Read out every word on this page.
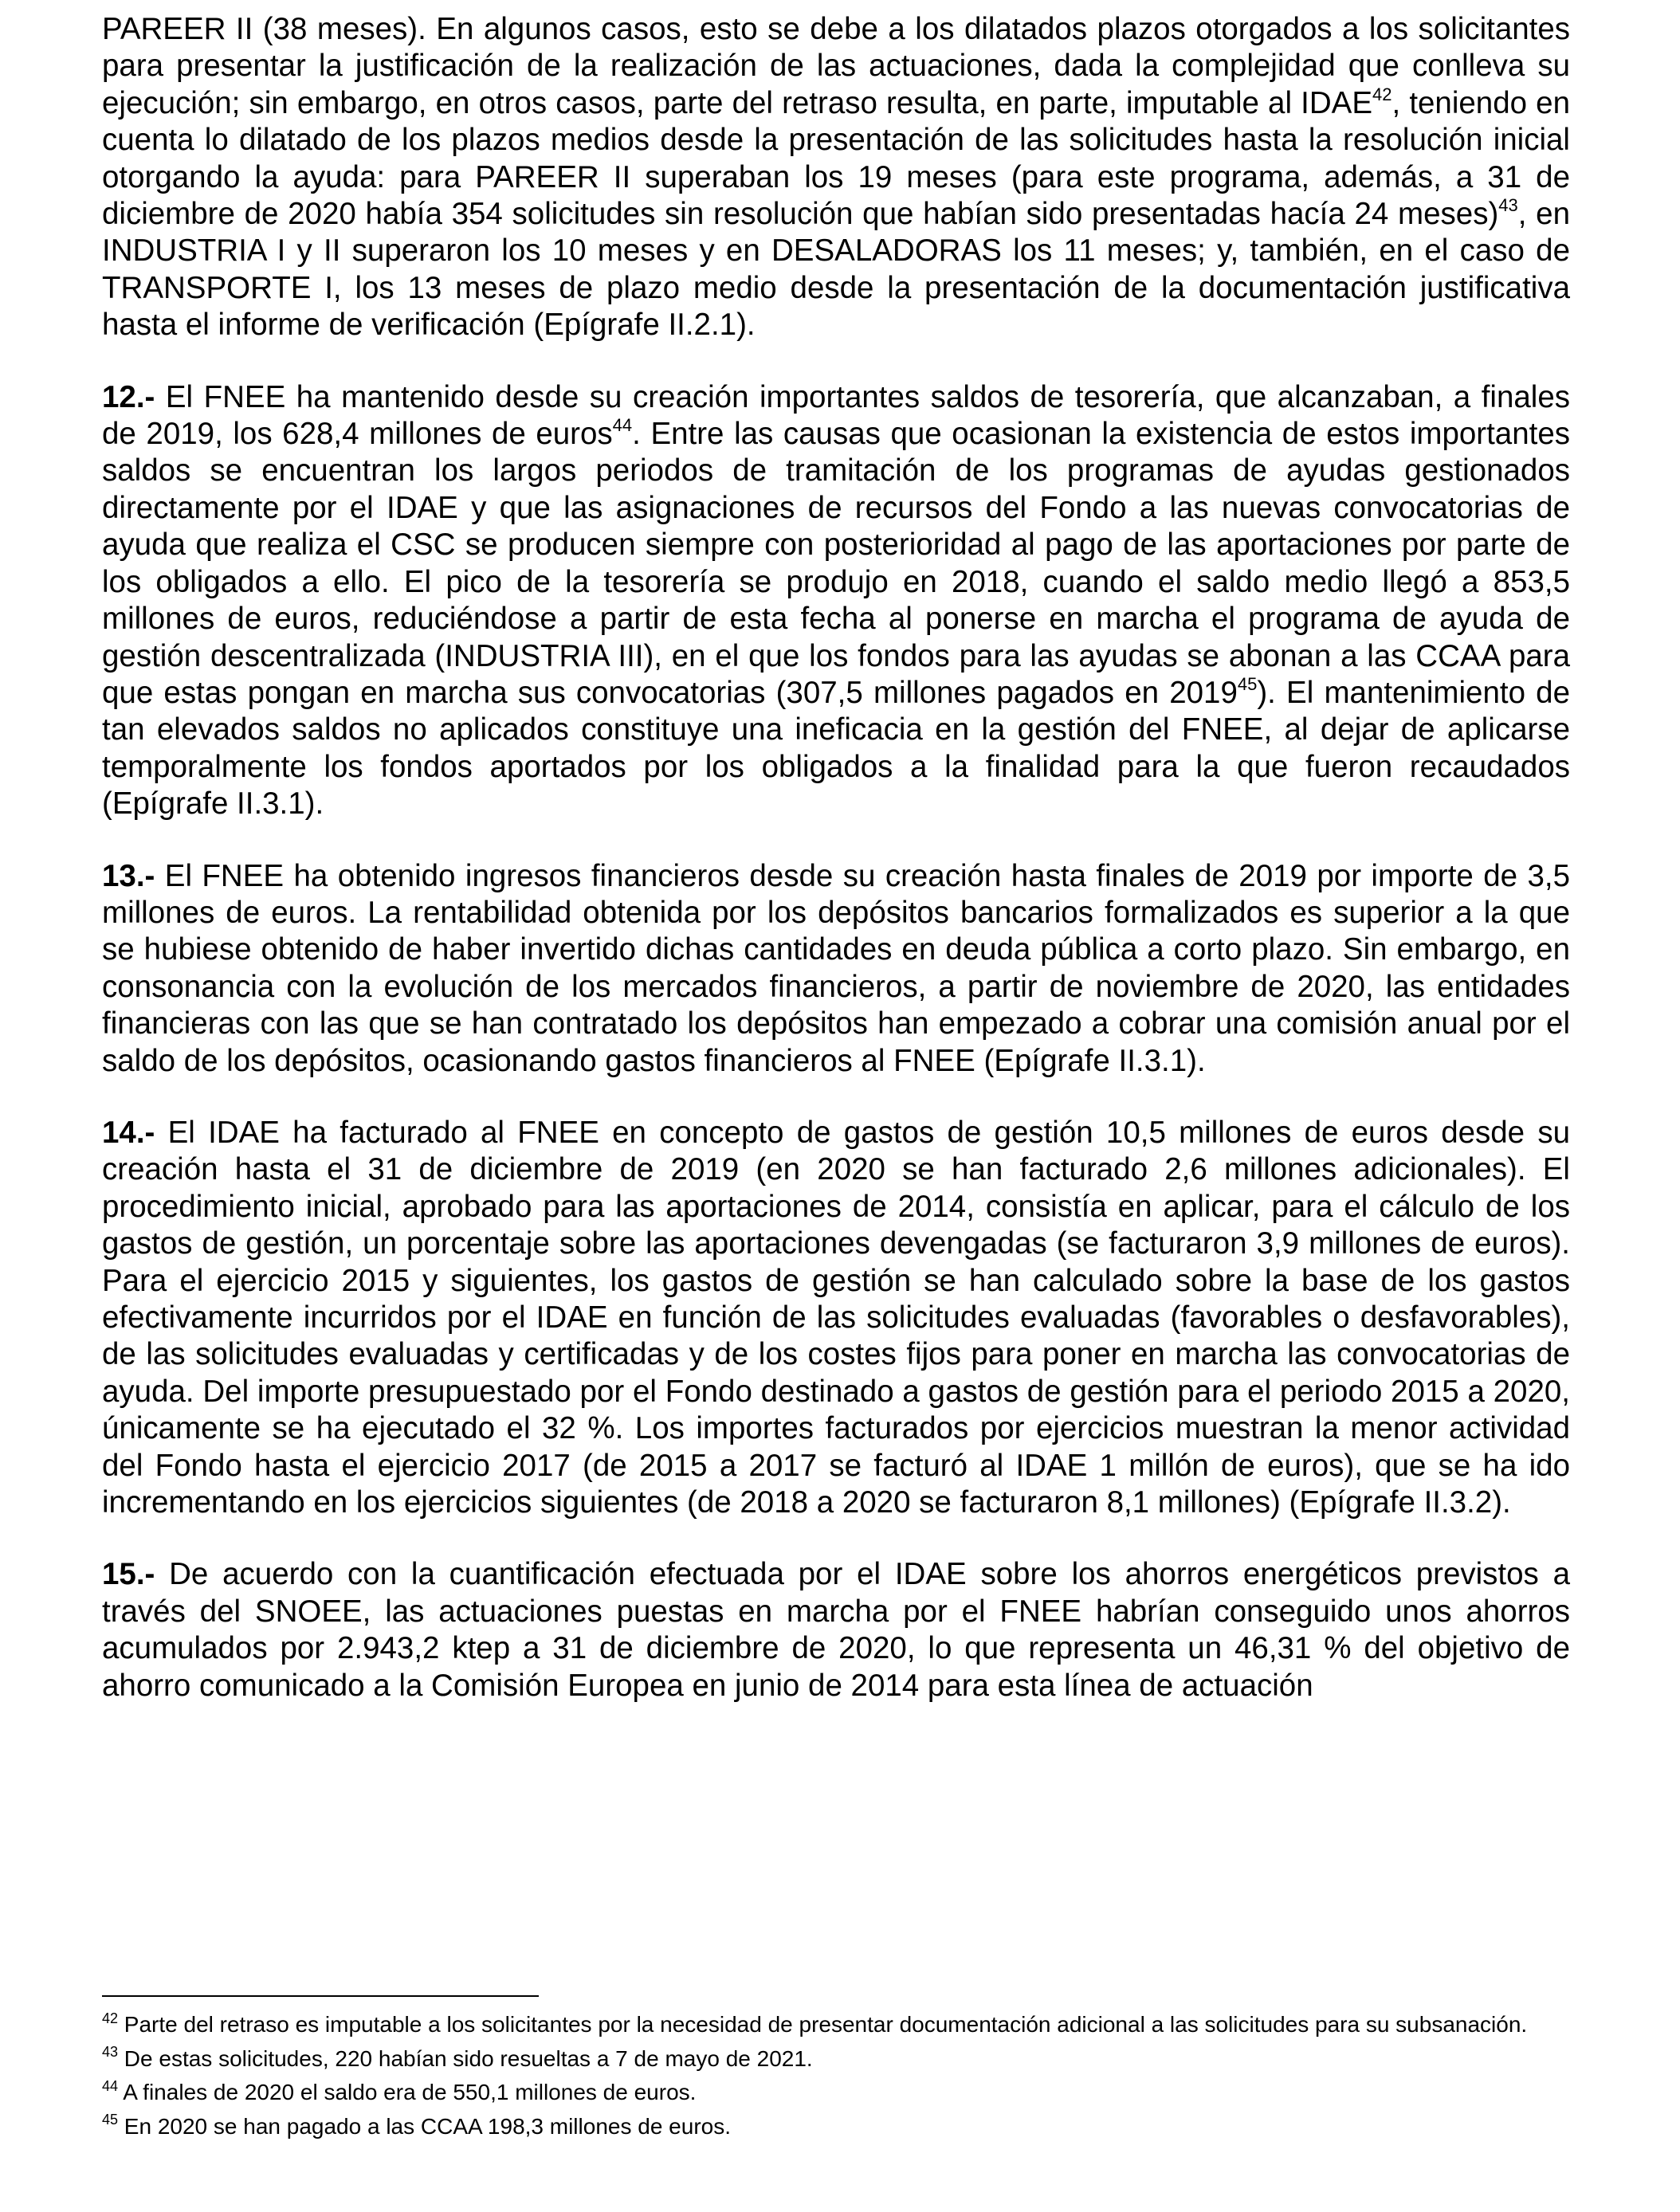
PAREER II (38 meses). En algunos casos, esto se debe a los dilatados plazos otorgados a los solicitantes para presentar la justificación de la realización de las actuaciones, dada la complejidad que conlleva su ejecución; sin embargo, en otros casos, parte del retraso resulta, en parte, imputable al IDAE$^{42}$, teniendo en cuenta lo dilatado de los plazos medios desde la presentación de las solicitudes hasta la resolución inicial otorgando la ayuda: para PAREER II superaban los 19 meses (para este programa, además, a 31 de diciembre de 2020 había 354 solicitudes sin resolución que habían sido presentadas hacía 24 meses)$^{43}$, en INDUSTRIA I y II superaron los 10 meses y en DESALADORAS los 11 meses; y, también, en el caso de TRANSPORTE I, los 13 meses de plazo medio desde la presentación de la documentación justificativa hasta el informe de verificación (Epígrafe II.2.1).

12.- El FNEE ha mantenido desde su creación importantes saldos de tesorería, que alcanzaban, a finales de 2019, los 628,4 millones de euros$^{44}$. Entre las causas que ocasionan la existencia de estos importantes saldos se encuentran los largos periodos de tramitación de los programas de ayudas gestionados directamente por el IDAE y que las asignaciones de recursos del Fondo a las nuevas convocatorias de ayuda que realiza el CSC se producen siempre con posterioridad al pago de las aportaciones por parte de los obligados a ello. El pico de la tesorería se produjo en 2018, cuando el saldo medio llegó a 853,5 millones de euros, reduciéndose a partir de esta fecha al ponerse en marcha el programa de ayuda de gestión descentralizada (INDUSTRIA III), en el que los fondos para las ayudas se abonan a las CCAA para que estas pongan en marcha sus convocatorias (307,5 millones pagados en 2019$^{45}$). El mantenimiento de tan elevados saldos no aplicados constituye una ineficacia en la gestión del FNEE, al dejar de aplicarse temporalmente los fondos aportados por los obligados a la finalidad para la que fueron recaudados (Epígrafe II.3.1).

13.- El FNEE ha obtenido ingresos financieros desde su creación hasta finales de 2019 por importe de 3,5 millones de euros. La rentabilidad obtenida por los depósitos bancarios formalizados es superior a la que se hubiese obtenido de haber invertido dichas cantidades en deuda pública a corto plazo. Sin embargo, en consonancia con la evolución de los mercados financieros, a partir de noviembre de 2020, las entidades financieras con las que se han contratado los depósitos han empezado a cobrar una comisión anual por el saldo de los depósitos, ocasionando gastos financieros al FNEE (Epígrafe II.3.1).

14.- El IDAE ha facturado al FNEE en concepto de gastos de gestión 10,5 millones de euros desde su creación hasta el 31 de diciembre de 2019 (en 2020 se han facturado 2,6 millones adicionales). El procedimiento inicial, aprobado para las aportaciones de 2014, consistía en aplicar, para el cálculo de los gastos de gestión, un porcentaje sobre las aportaciones devengadas (se facturaron 3,9 millones de euros). Para el ejercicio 2015 y siguientes, los gastos de gestión se han calculado sobre la base de los gastos efectivamente incurridos por el IDAE en función de las solicitudes evaluadas (favorables o desfavorables), de las solicitudes evaluadas y certificadas y de los costes fijos para poner en marcha las convocatorias de ayuda. Del importe presupuestado por el Fondo destinado a gastos de gestión para el periodo 2015 a 2020, únicamente se ha ejecutado el 32 %. Los importes facturados por ejercicios muestran la menor actividad del Fondo hasta el ejercicio 2017 (de 2015 a 2017 se facturó al IDAE 1 millón de euros), que se ha ido incrementando en los ejercicios siguientes (de 2018 a 2020 se facturaron 8,1 millones) (Epígrafe II.3.2).

15.- De acuerdo con la cuantificación efectuada por el IDAE sobre los ahorros energéticos previstos a través del SNOEE, las actuaciones puestas en marcha por el FNEE habrían conseguido unos ahorros acumulados por 2.943,2 ktep a 31 de diciembre de 2020, lo que representa un 46,31 % del objetivo de ahorro comunicado a la Comisión Europea en junio de 2014 para esta línea de actuación

$^{42}$ Parte del retraso es imputable a los solicitantes por la necesidad de presentar documentación adicional a las solicitudes para su subsanación.

$^{43}$ De estas solicitudes, 220 habían sido resueltas a 7 de mayo de 2021.

$^{44}$ A finales de 2020 el saldo era de 550,1 millones de euros.

$^{45}$ En 2020 se han pagado a las CCAA 198,3 millones de euros.
